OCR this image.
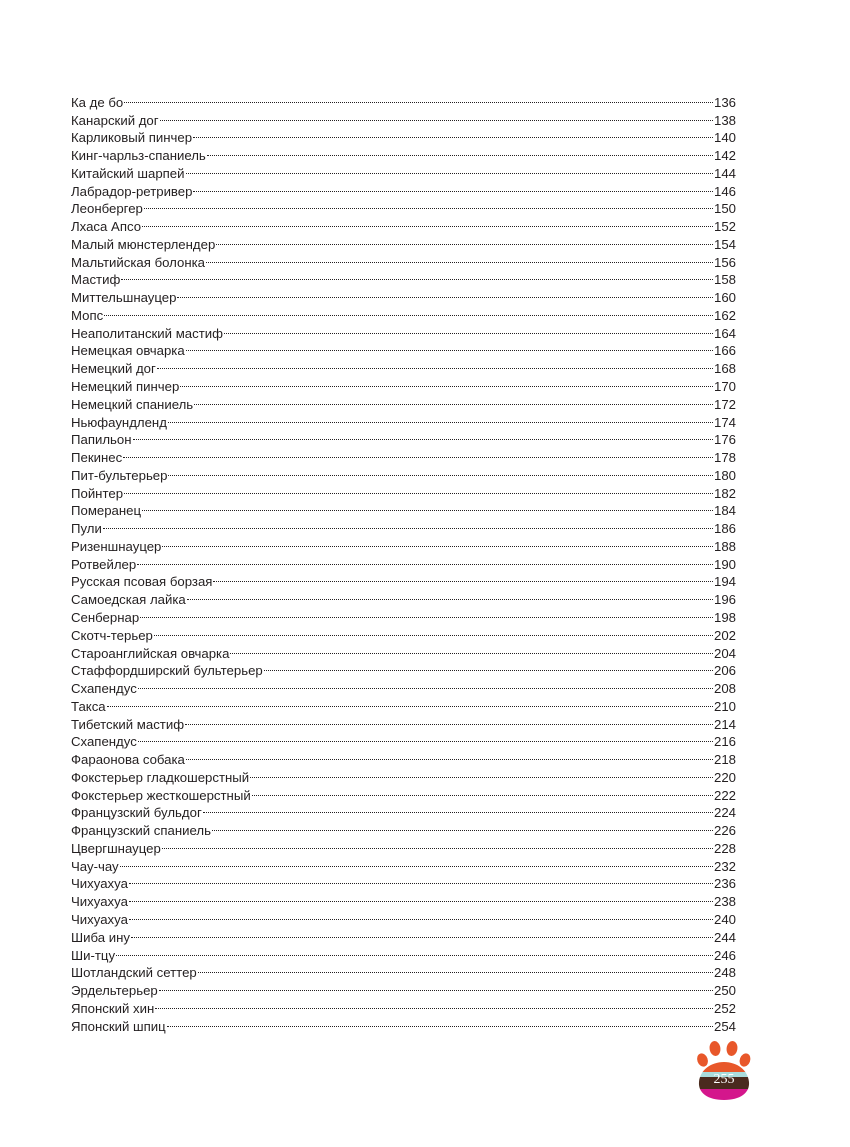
Ка де бо	136
Канарский дог	138
Карликовый пинчер	140
Кинг-чарльз-спаниель	142
Китайский шарпей	144
Лабрадор-ретривер	146
Леонбергер	150
Лхаса Апсо	152
Малый мюнстерлендер	154
Мальтийская болонка	156
Мастиф	158
Миттельшнауцер	160
Мопс	162
Неаполитанский мастиф	164
Немецкая овчарка	166
Немецкий дог	168
Немецкий пинчер	170
Немецкий спаниель	172
Ньюфаундленд	174
Папильон	176
Пекинес	178
Пит-бультерьер	180
Пойнтер	182
Померанец	184
Пули	186
Ризеншнауцер	188
Ротвейлер	190
Русская псовая борзая	194
Самоедская лайка	196
Сенбернар	198
Скотч-терьер	202
Староанглийская овчарка	204
Стаффордширский бультерьер	206
Схапендус	208
Такса	210
Тибетский мастиф	214
Схапендус	216
Фараонова собака	218
Фокстерьер гладкошерстный	220
Фокстерьер жесткошерстный	222
Французский бульдог	224
Французский спаниель	226
Цвергшнауцер	228
Чау-чау	232
Чихуахуа	236
Чихуахуа	238
Чихуахуа	240
Шиба ину	244
Ши-тцу	246
Шотландский сеттер	248
Эрдельтерьер	250
Японский хин	252
Японский шпиц	254
255
